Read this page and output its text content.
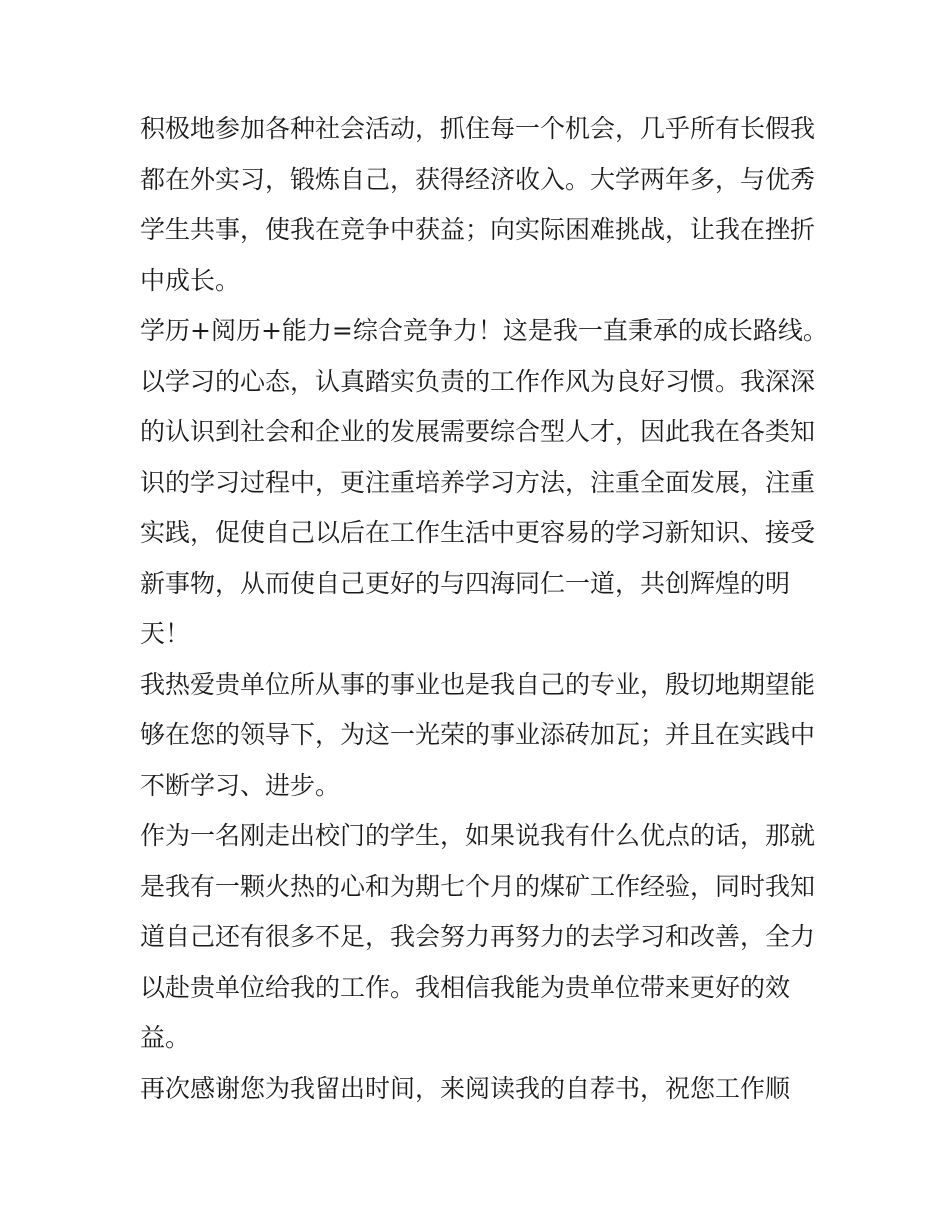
积极地参加各种社会活动，抓住每一个机会，几乎所有长假我
都在外实习，锻炼自己，获得经济收入。大学两年多，与优秀
学生共事，使我在竞争中获益；向实际困难挑战，让我在挫折
中成长。

学历+阅历+能力=综合竞争力！这是我一直秉承的成长路线。

以学习的心态，认真踏实负责的工作作风为良好习惯。我深深
的认识到社会和企业的发展需要综合型人才，因此我在各类知
识的学习过程中，更注重培养学习方法，注重全面发展，注重
实践，促使自己以后在工作生活中更容易的学习新知识、接受
新事物，从而使自己更好的与四海同仁一道，共创辉煌的明
天！

我热爱贵单位所从事的事业也是我自己的专业，殷切地期望能
够在您的领导下，为这一光荣的事业添砖加瓦；并且在实践中
不断学习、进步。

作为一名刚走出校门的学生，如果说我有什么优点的话，那就
是我有一颗火热的心和为期七个月的煤矿工作经验，同时我知
道自己还有很多不足，我会努力再努力的去学习和改善，全力
以赴贵单位给我的工作。我相信我能为贵单位带来更好的效
益。

再次感谢您为我留出时间，来阅读我的自荐书，祝您工作顺
